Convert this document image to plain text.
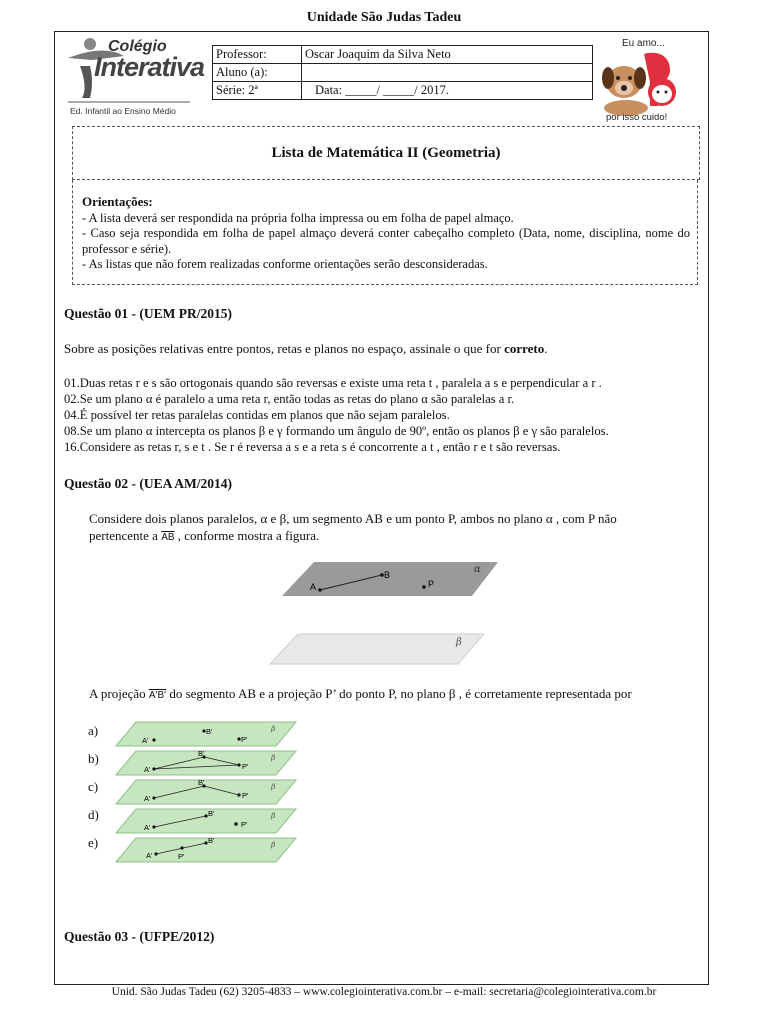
Unidade São Judas Tadeu
Colégio
Interativa
Ed. Infantil ao Ensino Médio
Professor:	Oscar Joaquim da Silva Neto
Aluno (a):	
Série: 2ª	Data: _____/ _____/ 2017.
Eu amo...
por isso cuido!
Lista de Matemática II (Geometria)
Orientações:
- A lista deverá ser respondida na própria folha impressa ou em folha de papel almaço.
- Caso seja respondida em folha de papel almaço deverá conter cabeçalho completo (Data, nome, disciplina, nome do professor e série).
- As listas que não forem realizadas conforme orientações serão desconsideradas.
Questão 01 - (UEM PR/2015)
Sobre as posições relativas entre pontos, retas e planos no espaço, assinale o que for correto.
01.Duas retas r e s são ortogonais quando são reversas e existe uma reta t , paralela a s e perpendicular a r .
02.Se um plano α é paralelo a uma reta r, então todas as retas do plano α são paralelas a r.
04.É possível ter retas paralelas contidas em planos que não sejam paralelos.
08.Se um plano α intercepta os planos β e γ formando um ângulo de 90º, então os planos β e γ são paralelos.
16.Considere as retas r, s e t . Se r é reversa a s e a reta s é concorrente a t , então r e t são reversas.
Questão 02 - (UEA AM/2014)
Considere dois planos paralelos, α e β, um segmento AB e um ponto P, ambos no plano α , com P não
pertencente a $\overline{AB}$ , conforme mostra a figura.
α
A
B
P
β
A projeção A'B' do segmento AB e a projeção P’ do ponto P, no plano β , é corretamente representada por
a)
b)
c)
d)
e)
A'
B'
P'
β
A'
B'
P'
β
A'
B'
P'
β
A'
B'
P'
β
A'	P'
B'	β
Questão 03 - (UFPE/2012)
Unid. São Judas Tadeu (62) 3205-4833 – www.colegiointerativa.com.br – e-mail: secretaria@colegiointerativa.com.br
